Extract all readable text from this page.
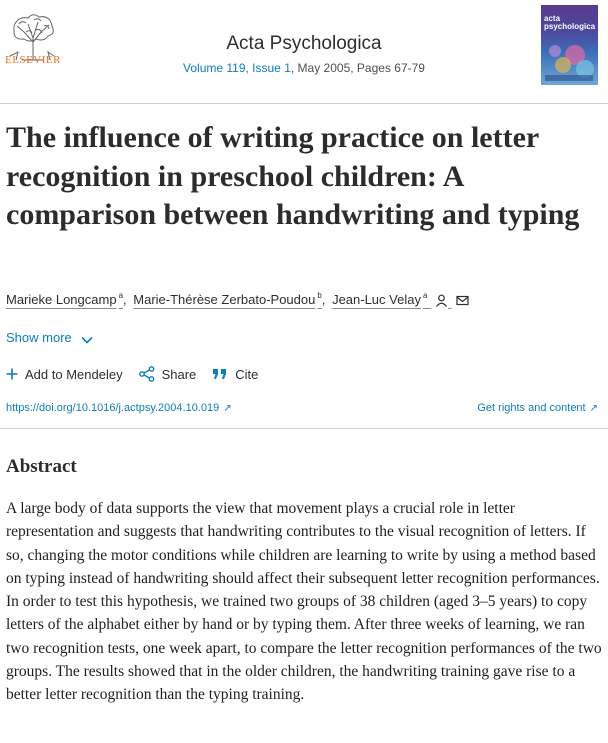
ELSEVIER
Acta Psychologica
Volume 119, Issue 1, May 2005, Pages 67-79
acta psychologica
The influence of writing practice on letter recognition in preschool children: A comparison between handwriting and typing
Marieke Longcamp $^a$, Marie-Thérèse Zerbato-Poudou $^b$, Jean-Luc Velay $^a$
Show more
Add to Mendeley	Share	Cite
https://doi.org/10.1016/j.actpsy.2004.10.019 ↗	Get rights and content ↗
Abstract

A large body of data supports the view that movement plays a crucial role in letter representation and suggests that handwriting contributes to the visual recognition of letters. If so, changing the motor conditions while children are learning to write by using a method based on typing instead of handwriting should affect their subsequent letter recognition performances. In order to test this hypothesis, we trained two groups of 38 children (aged 3–5 years) to copy letters of the alphabet either by hand or by typing them. After three weeks of learning, we ran two recognition tests, one week apart, to compare the letter recognition performances of the two groups. The results showed that in the older children, the handwriting training gave rise to a better letter recognition than the typing training.
